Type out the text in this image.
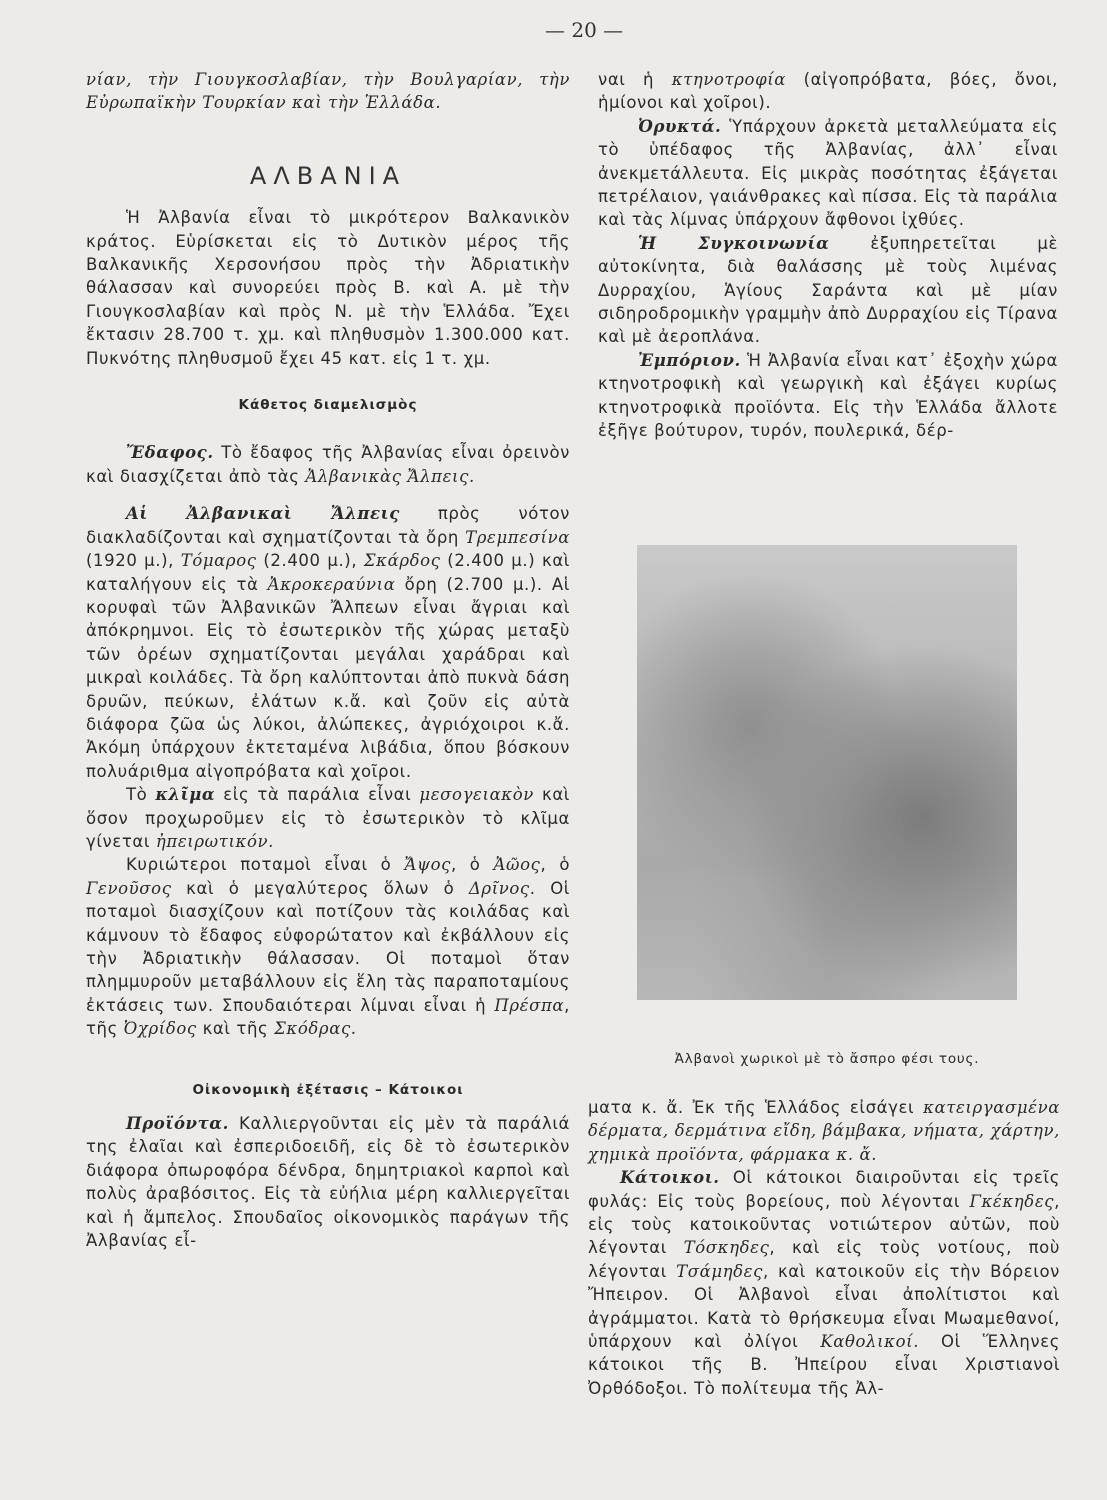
— 20 —

νίαν, τὴν Γιουγκοσλαβίαν, τὴν Βουλγαρίαν, τὴν Εὐρωπαϊκὴν Τουρκίαν καὶ τὴν Ἑλλάδα.

ΑΛΒΑΝΙΑ

Ἡ Ἀλβανία εἶναι τὸ μικρότερον Βαλκανικὸν κράτος. Εὑρίσκεται εἰς τὸ Δυτικὸν μέρος τῆς Βαλκανικῆς Χερσονήσου πρὸς τὴν Ἀδριατικὴν θάλασσαν καὶ συνορεύει πρὸς Β. καὶ Α. μὲ τὴν Γιουγκοσλαβίαν καὶ πρὸς Ν. μὲ τὴν Ἑλλάδα. Ἔχει ἔκτασιν 28.700 τ. χμ. καὶ πληθυσμὸν 1.300.000 κατ. Πυκνότης πληθυσμοῦ ἔχει 45 κατ. εἰς 1 τ. χμ.

Κάθετος διαμελισμὸς

Ἔδαφος. Τὸ ἔδαφος τῆς Ἀλβανίας εἶναι ὀρεινὸν καὶ διασχίζεται ἀπὸ τὰς Ἀλβανικὰς Ἄλπεις.

Αἱ Ἀλβανικαὶ Ἄλπεις πρὸς νότον διακλαδίζονται καὶ σχηματίζονται τὰ ὄρη Τρεμπεσίνα (1920 μ.), Τόμαρος (2.400 μ.), Σκάρδος (2.400 μ.) καὶ καταλήγουν εἰς τὰ Ἀκροκεραύνια ὄρη (2.700 μ.). Αἱ κορυφαὶ τῶν Ἀλβανικῶν Ἄλπεων εἶναι ἄγριαι καὶ ἀπόκρημνοι. Εἰς τὸ ἐσωτερικὸν τῆς χώρας μεταξὺ τῶν ὀρέων σχηματίζονται μεγάλαι χαράδραι καὶ μικραὶ κοιλάδες. Τὰ ὄρη καλύπτονται ἀπὸ πυκνὰ δάση δρυῶν, πεύκων, ἐλάτων κ.ἄ. καὶ ζοῦν εἰς αὐτὰ διάφορα ζῶα ὡς λύκοι, ἀλώπεκες, ἀγριόχοιροι κ.ἄ. Ἀκόμη ὑπάρχουν ἐκτεταμένα λιβάδια, ὅπου βόσκουν πολυάριθμα αἰγοπρόβατα καὶ χοῖροι.

Τὸ κλῖμα εἰς τὰ παράλια εἶναι μεσογειακὸν καὶ ὅσον προχωροῦμεν εἰς τὸ ἐσωτερικὸν τὸ κλῖμα γίνεται ἠπειρωτικόν.

Κυριώτεροι ποταμοὶ εἶναι ὁ Ἄψος, ὁ Ἀῶος, ὁ Γενοῦσος καὶ ὁ μεγαλύτερος ὅλων ὁ Δρῖνος. Οἱ ποταμοὶ διασχίζουν καὶ ποτίζουν τὰς κοιλάδας καὶ κάμνουν τὸ ἔδαφος εὐφορώτατον καὶ ἐκβάλλουν εἰς τὴν Ἀδριατικὴν θάλασσαν. Οἱ ποταμοὶ ὅταν πλημμυροῦν μεταβάλλουν εἰς ἕλη τὰς παραποταμίους ἐκτάσεις των. Σπουδαιότεραι λίμναι εἶναι ἡ Πρέσπα, τῆς Ὀχρίδος καὶ τῆς Σκόδρας.

Οἰκονομικὴ ἐξέτασις – Κάτοικοι

Προϊόντα. Καλλιεργοῦνται εἰς μὲν τὰ παράλιά της ἐλαῖαι καὶ ἐσπεριδοειδῆ, εἰς δὲ τὸ ἐσωτερικὸν διάφορα ὀπωροφόρα δένδρα, δημητριακοὶ καρποὶ καὶ πολὺς ἀραβόσιτος. Εἰς τὰ εὐήλια μέρη καλλιεργεῖται καὶ ἡ ἄμπελος. Σπουδαῖος οἰκονομικὸς παράγων τῆς Ἀλβανίας εἶ-

ναι ἡ κτηνοτροφία (αἰγοπρόβατα, βόες, ὄνοι, ἡμίονοι καὶ χοῖροι).

Ὀρυκτά. Ὑπάρχουν ἀρκετὰ μεταλλεύματα εἰς τὸ ὑπέδαφος τῆς Ἀλβανίας, ἀλλ᾽ εἶναι ἀνεκμετάλλευτα. Εἰς μικρὰς ποσότητας ἐξάγεται πετρέλαιον, γαιάνθρακες καὶ πίσσα. Εἰς τὰ παράλια καὶ τὰς λίμνας ὑπάρχουν ἄφθονοι ἰχθύες.

Ἡ Συγκοινωνία ἐξυπηρετεῖται μὲ αὐτοκίνητα, διὰ θαλάσσης μὲ τοὺς λιμένας Δυρραχίου, Ἁγίους Σαράντα καὶ μὲ μίαν σιδηροδρομικὴν γραμμὴν ἀπὸ Δυρραχίου εἰς Τίρανα καὶ μὲ ἀεροπλάνα.

Ἐμπόριον. Ἡ Ἀλβανία εἶναι κατ᾽ ἐξοχὴν χώρα κτηνοτροφικὴ καὶ γεωργικὴ καὶ ἐξάγει κυρίως κτηνοτροφικὰ προϊόντα. Εἰς τὴν Ἑλλάδα ἄλλοτε ἐξῆγε βούτυρον, τυρόν, πουλερικά, δέρ-

Ἀλβανοὶ χωρικοὶ μὲ τὸ ἄσπρο φέσι τους.

ματα κ. ἄ. Ἐκ τῆς Ἑλλάδος εἰσάγει κατειργασμένα δέρματα, δερμάτινα εἴδη, βάμβακα, νήματα, χάρτην, χημικὰ προϊόντα, φάρμακα κ. ἄ.

Κάτοικοι. Οἱ κάτοικοι διαιροῦνται εἰς τρεῖς φυλάς: Εἰς τοὺς βορείους, ποὺ λέγονται Γκέκηδες, εἰς τοὺς κατοικοῦντας νοτιώτερον αὐτῶν, ποὺ λέγονται Τόσκηδες, καὶ εἰς τοὺς νοτίους, ποὺ λέγονται Τσάμηδες, καὶ κατοικοῦν εἰς τὴν Βόρειον Ἤπειρον. Οἱ Ἀλβανοὶ εἶναι ἀπολίτιστοι καὶ ἀγράμματοι. Κατὰ τὸ θρήσκευμα εἶναι Μωαμεθανοί, ὑπάρχουν καὶ ὀλίγοι Καθολικοί. Οἱ Ἕλληνες κάτοικοι τῆς Β. Ἠπείρου εἶναι Χριστιανοὶ Ὀρθόδοξοι. Τὸ πολίτευμα τῆς Ἀλ-
